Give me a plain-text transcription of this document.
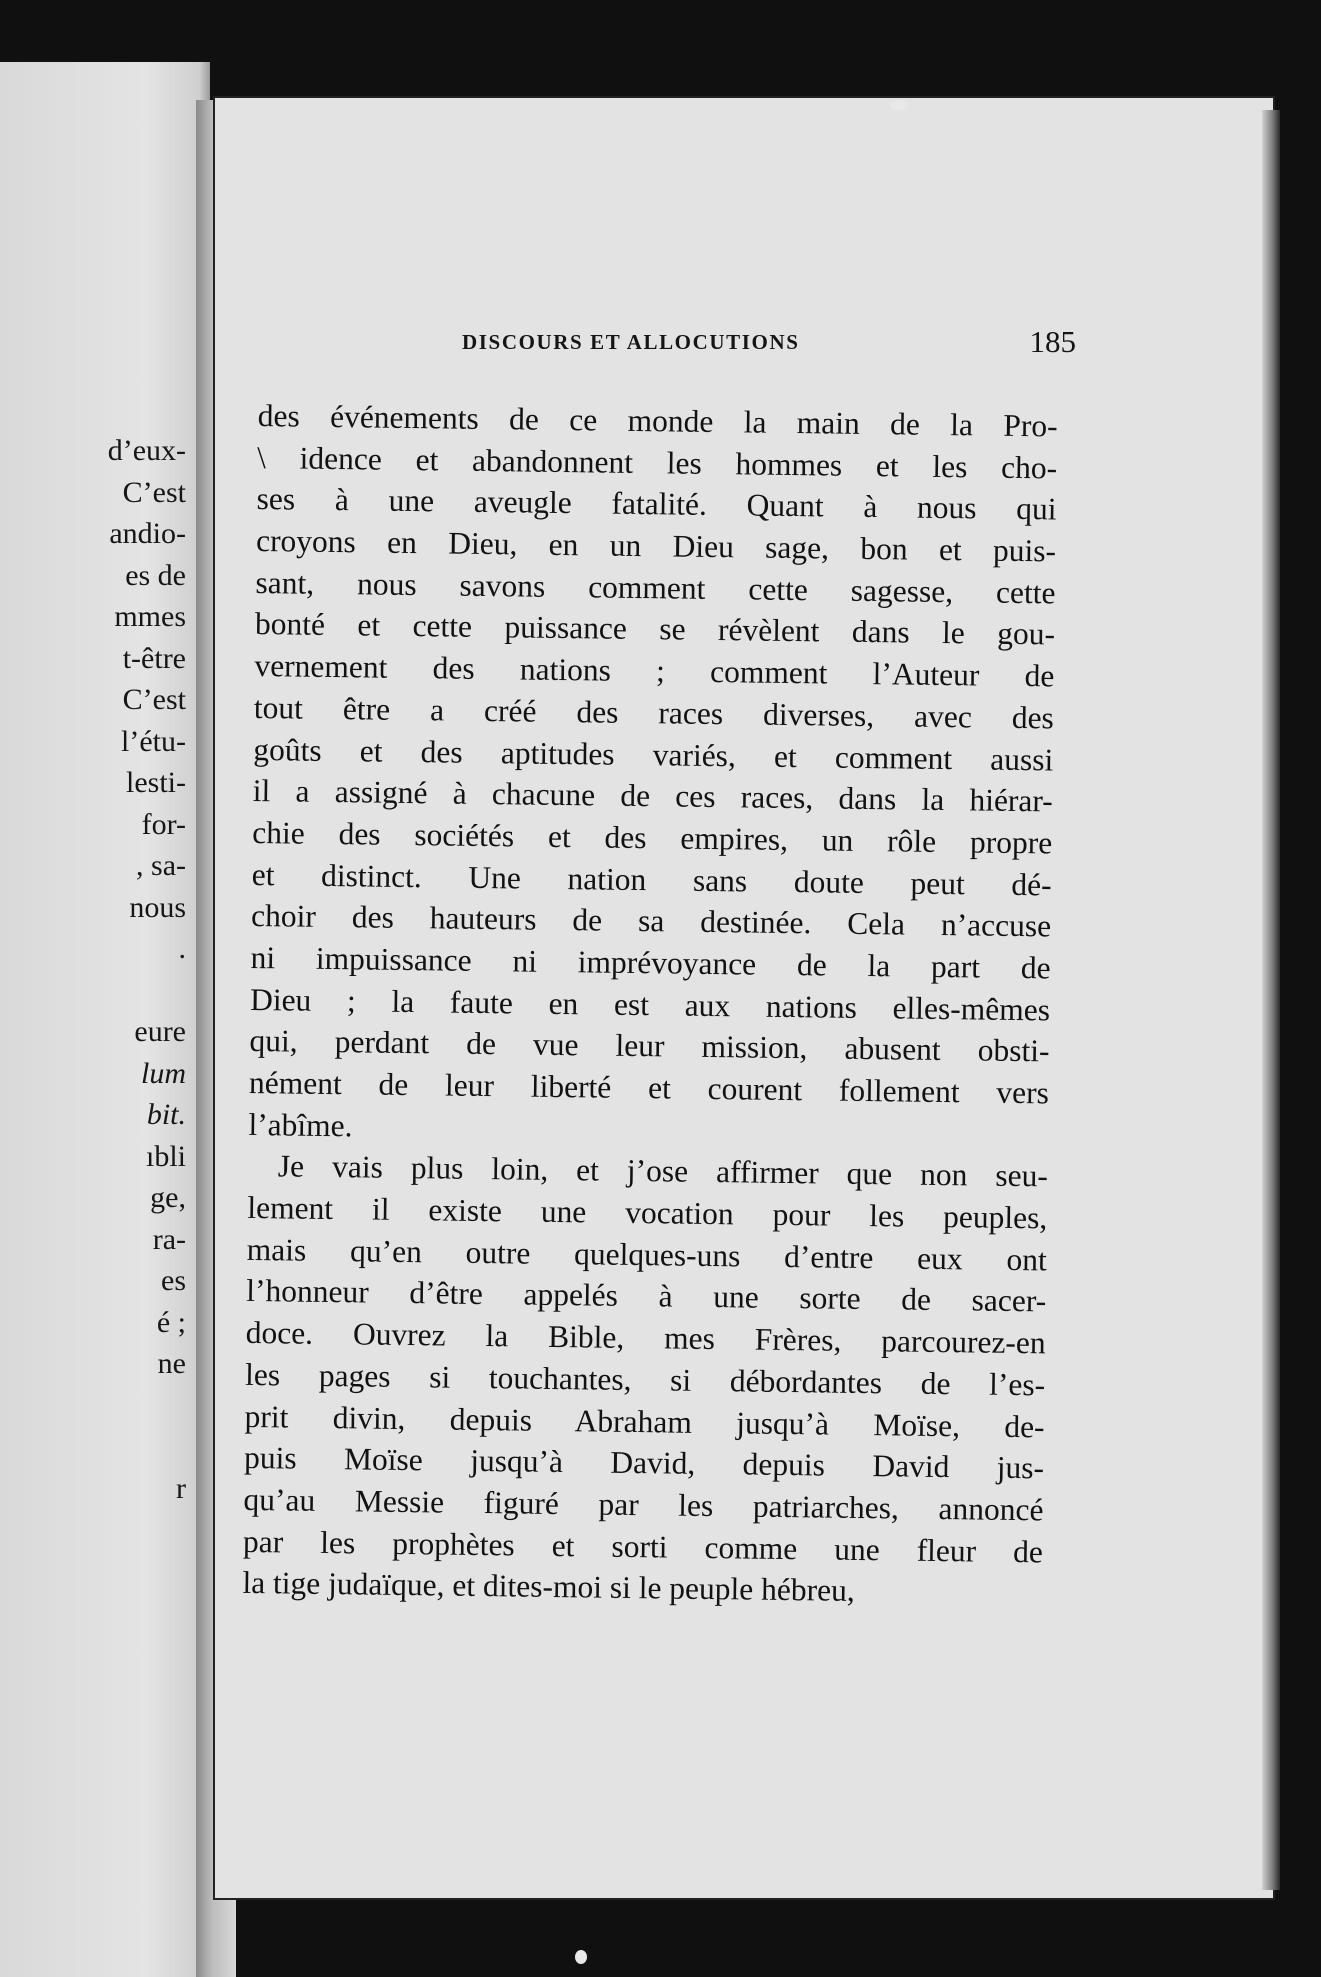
d’eux-
C’est
andio-
es de
mmes
t-être
C’est
l’étu-
lesti-
for-
, sa-
nous
.
eure
lum
bit.
ıbli
ge,
ra-
es
é ;
ne
r
DISCOURS ET ALLOCUTIONS	185
des événements de ce monde la main de la Pro-
\ idence et abandonnent les hommes et les cho-
ses à une aveugle fatalité. Quant à nous qui
croyons en Dieu, en un Dieu sage, bon et puis-
sant, nous savons comment cette sagesse, cette
bonté et cette puissance se révèlent dans le gou-
vernement des nations ; comment l’Auteur de
tout être a créé des races diverses, avec des
goûts et des aptitudes variés, et comment aussi
il a assigné à chacune de ces races, dans la hiérar-
chie des sociétés et des empires, un rôle propre
et distinct. Une nation sans doute peut dé-
choir des hauteurs de sa destinée. Cela n’accuse
ni impuissance ni imprévoyance de la part de
Dieu ; la faute en est aux nations elles-mêmes
qui, perdant de vue leur mission, abusent obsti-
nément de leur liberté et courent follement vers
l’abîme.
Je vais plus loin, et j’ose affirmer que non seu-
lement il existe une vocation pour les peuples,
mais qu’en outre quelques-uns d’entre eux ont
l’honneur d’être appelés à une sorte de sacer-
doce. Ouvrez la Bible, mes Frères, parcourez-en
les pages si touchantes, si débordantes de l’es-
prit divin, depuis Abraham jusqu’à Moïse, de-
puis Moïse jusqu’à David, depuis David jus-
qu’au Messie figuré par les patriarches, annoncé
par les prophètes et sorti comme une fleur de
la tige judaïque, et dites-moi si le peuple hébreu,
